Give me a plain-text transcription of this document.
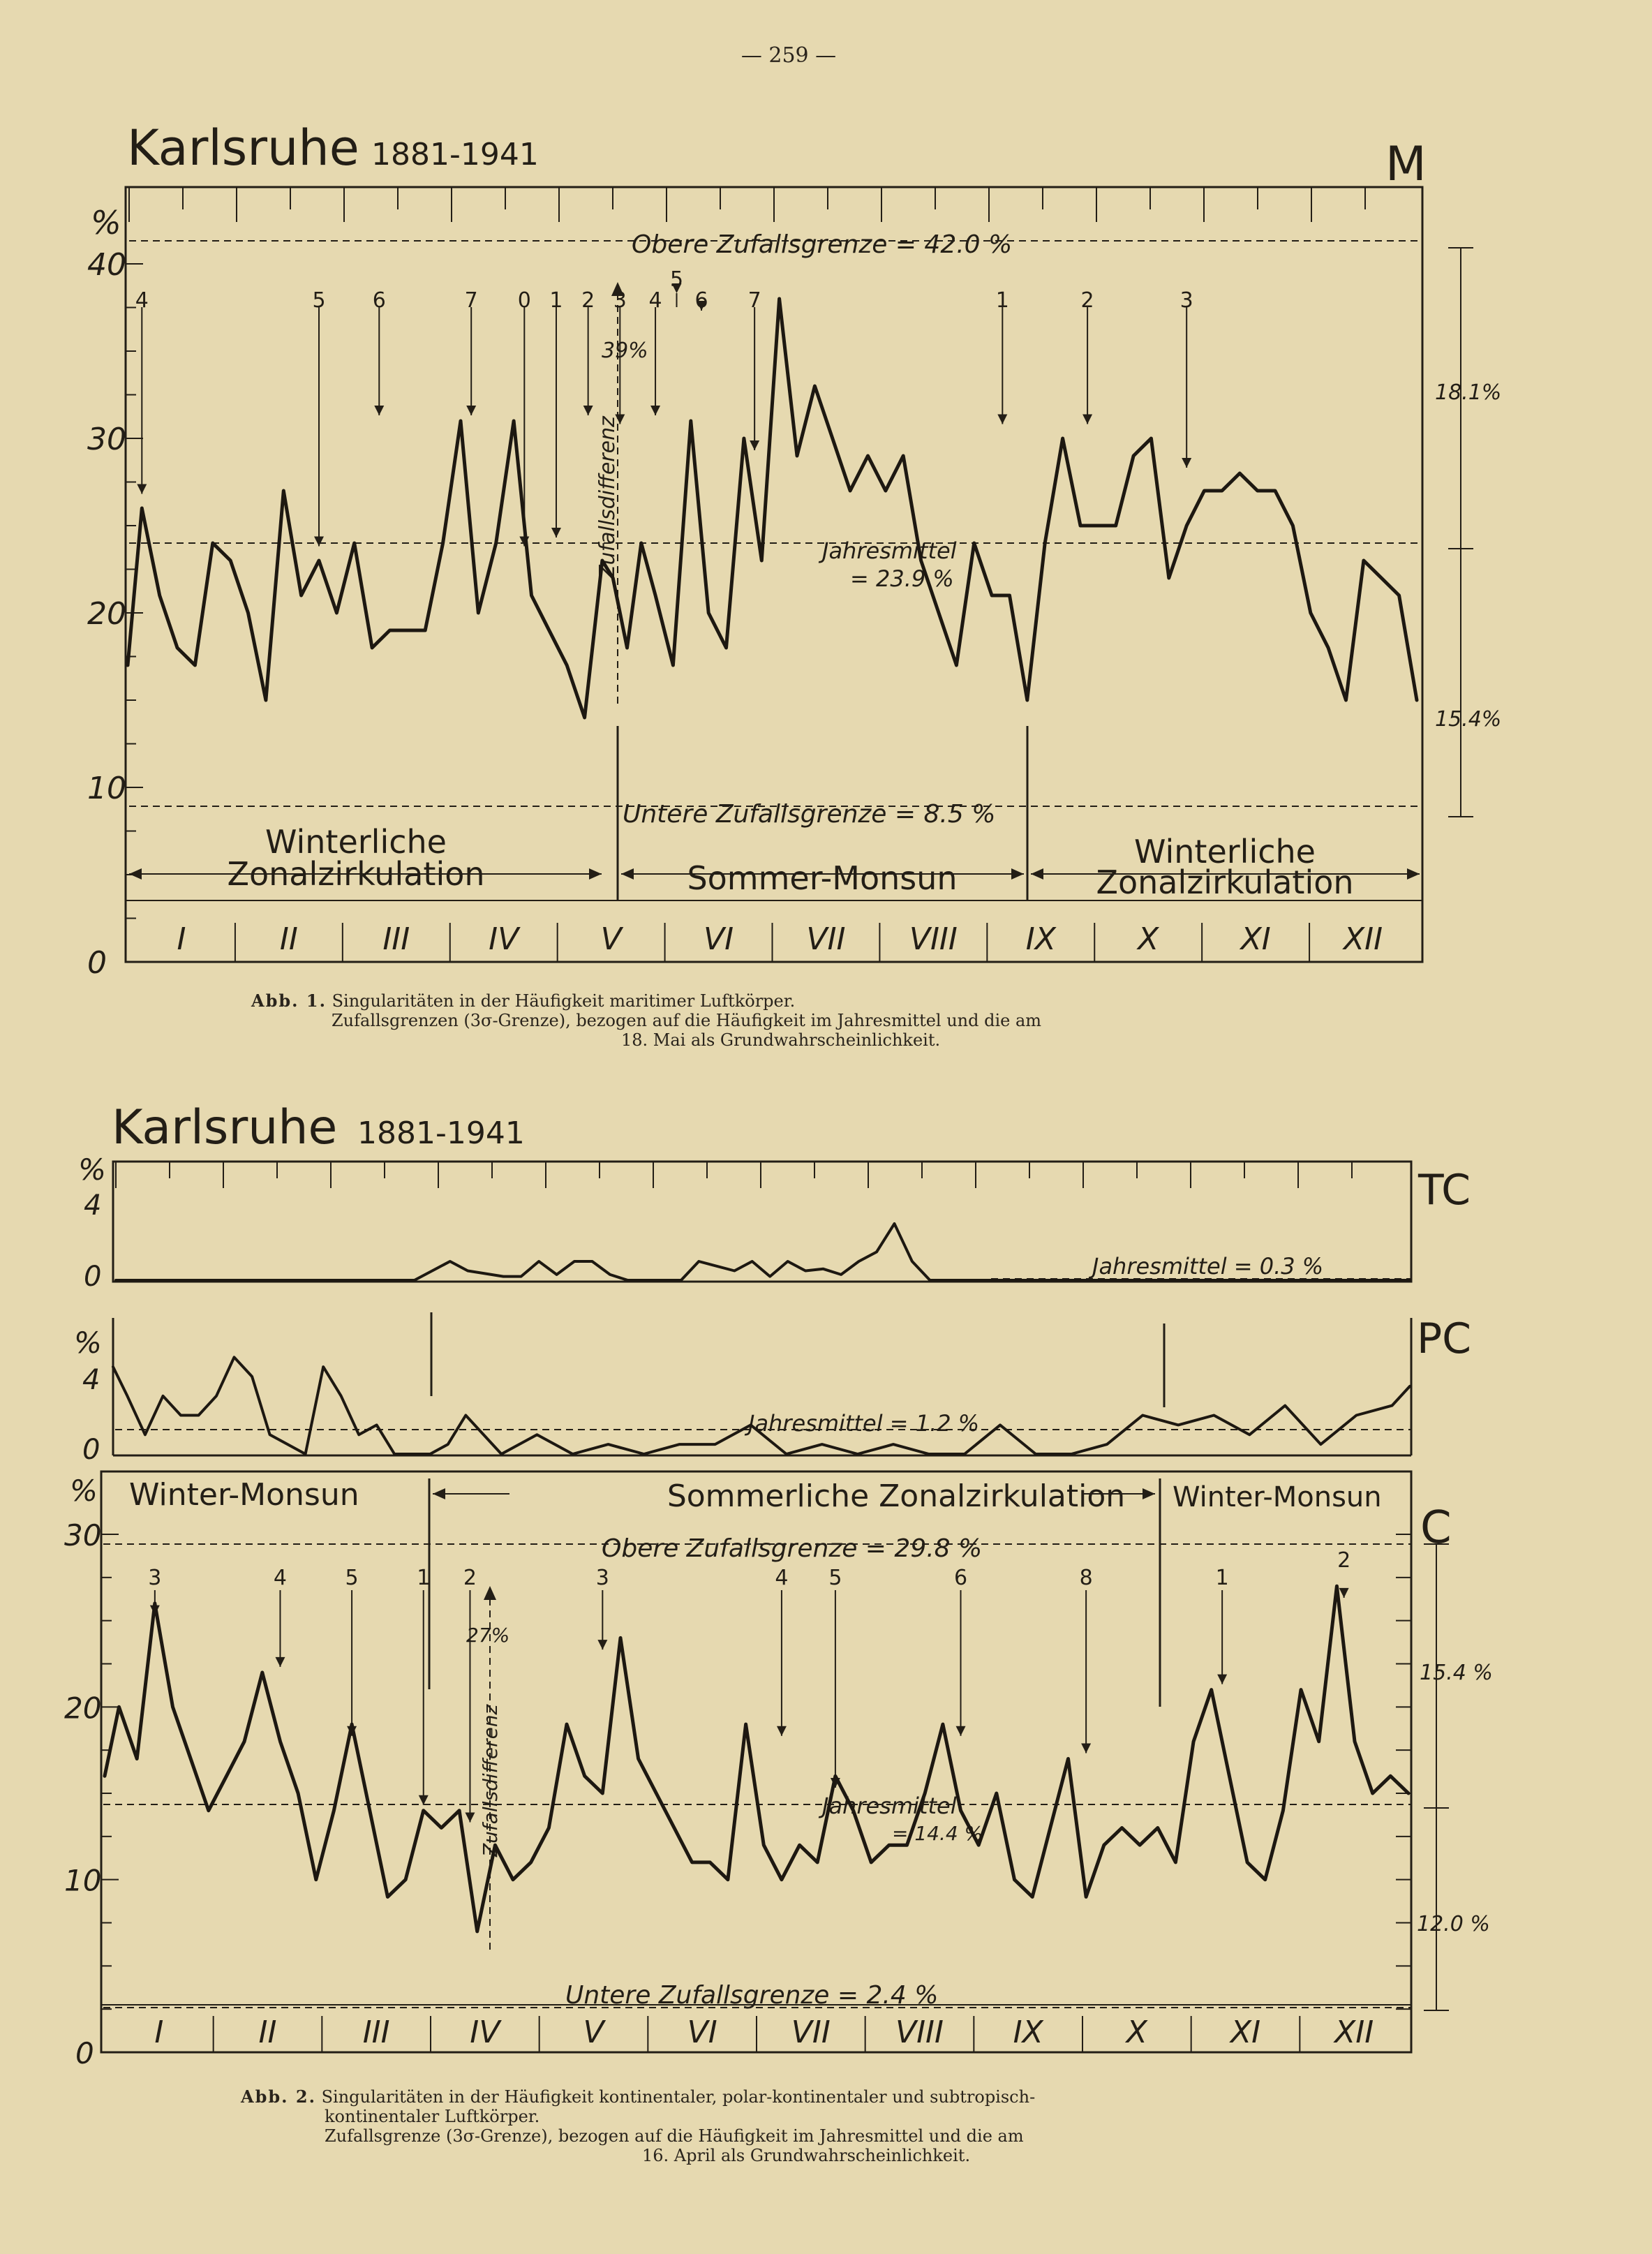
— 259 —
Karlsruhe 1881-1941	M
%
40
30
20
10
0
Obere Zufallsgrenze = 42.0 %
Untere Zufallsgrenze = 8.5 %
Jahresmittel
= 23.9 %
39%
Zufallsdifferenz
18.1%
15.4%
Winterliche
Zonalzirkulation	Sommer-Monsun
Winterliche
Zonalzirkulation
I	II	III	IV	V	VI VII VIII IX	X	XI XII
4	5 6	7 0 1 2 3 4
5
6 7	1	2	3
Karlsruhe 1881-1941
%
4
0	Jahresmittel = 0.3 %
TC
%
4
0
Jahresmittel = 1.2 %
PC
%
30
20
10
0
C
Winter-Monsun	Sommerliche Zonalzirkulation Winter-Monsun
Obere Zufallsgrenze = 29.8 %
Untere Zufallsgrenze = 2.4 %
Jahresmittel
= 14.4 %
27%
Zufallsdifferenz
15.4 %
12.0 %
I	II	III	IV	V	VI VII VIII IX	X	XI XII
3	4	5	1 2	3	4 5	6	8	1
2
Abb. 1. Singularitäten in der Häufigkeit maritimer Luftkörper.
Zufallsgrenzen (3σ-Grenze), bezogen auf die Häufigkeit im Jahresmittel und die am
18. Mai als Grundwahrscheinlichkeit.
Abb. 2. Singularitäten in der Häufigkeit kontinentaler, polar-kontinentaler und subtropisch-
kontinentaler Luftkörper.
Zufallsgrenze (3σ-Grenze), bezogen auf die Häufigkeit im Jahresmittel und die am
16. April als Grundwahrscheinlichkeit.
